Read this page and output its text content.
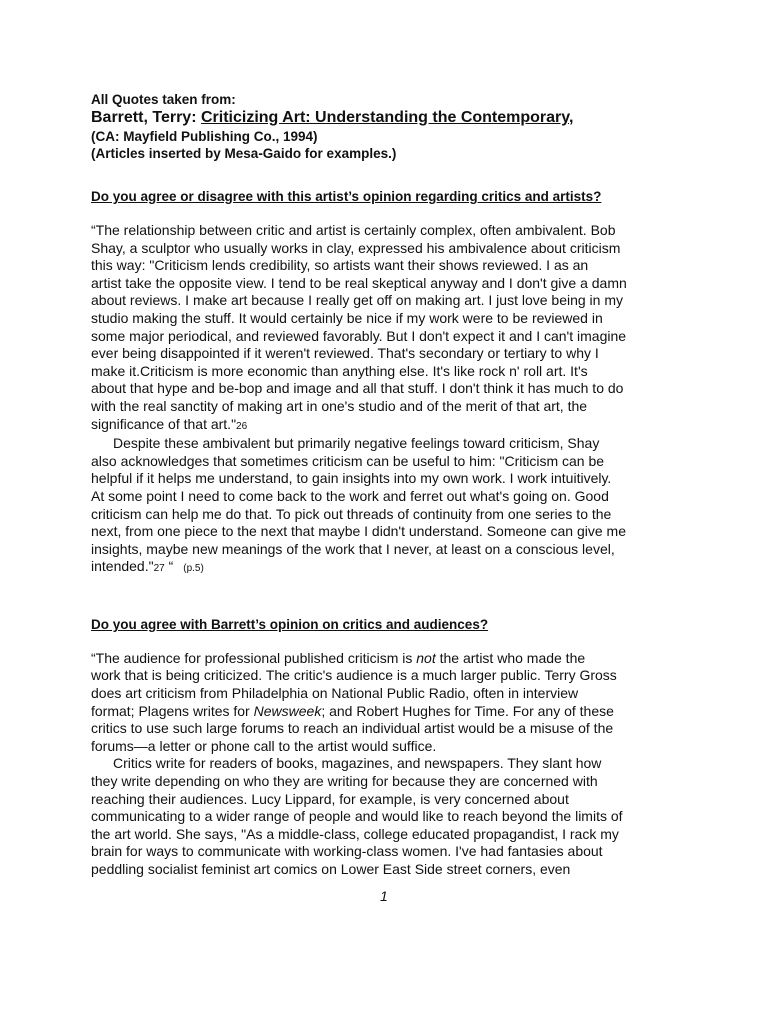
All Quotes taken from:
Barrett, Terry: Criticizing Art: Understanding the Contemporary,
(CA: Mayfield Publishing Co., 1994)
(Articles inserted by Mesa-Gaido for examples.)
Do you agree or disagree with this artist’s opinion regarding critics and artists?
“The relationship between critic and artist is certainly complex, often ambivalent. Bob
Shay, a sculptor who usually works in clay, expressed his ambivalence about criticism
this way: "Criticism lends credibility, so artists want their shows reviewed. I as an
artist take the opposite view. I tend to be real skeptical anyway and I don't give a damn
about reviews. I make art because I really get off on making art. I just love being in my
studio making the stuff. It would certainly be nice if my work were to be reviewed in
some major periodical, and reviewed favorably. But I don't expect it and I can't imagine
ever being disappointed if it weren't reviewed. That's secondary or tertiary to why I
make it.Criticism is more economic than anything else. It's like rock n' roll art. It's
about that hype and be-bop and image and all that stuff. I don't think it has much to do
with the real sanctity of making art in one's studio and of the merit of that art, the
significance of that art."26
Despite these ambivalent but primarily negative feelings toward criticism, Shay
also acknowledges that sometimes criticism can be useful to him: "Criticism can be
helpful if it helps me understand, to gain insights into my own work. I work intuitively.
At some point I need to come back to the work and ferret out what's going on. Good
criticism can help me do that. To pick out threads of continuity from one series to the
next, from one piece to the next that maybe I didn't understand. Someone can give me
insights, maybe new meanings of the work that I never, at least on a conscious level,
intended."27 “ (p.5)
Do you agree with Barrett’s opinion on critics and audiences?
“The audience for professional published criticism is not the artist who made the
work that is being criticized. The critic's audience is a much larger public. Terry Gross
does art criticism from Philadelphia on National Public Radio, often in interview
format; Plagens writes for Newsweek; and Robert Hughes for Time. For any of these
critics to use such large forums to reach an individual artist would be a misuse of the
forums—a letter or phone call to the artist would suffice.
Critics write for readers of books, magazines, and newspapers. They slant how
they write depending on who they are writing for because they are concerned with
reaching their audiences. Lucy Lippard, for example, is very concerned about
communicating to a wider range of people and would like to reach beyond the limits of
the art world. She says, "As a middle-class, college educated propagandist, I rack my
brain for ways to communicate with working-class women. I've had fantasies about
peddling socialist feminist art comics on Lower East Side street corners, even
1
